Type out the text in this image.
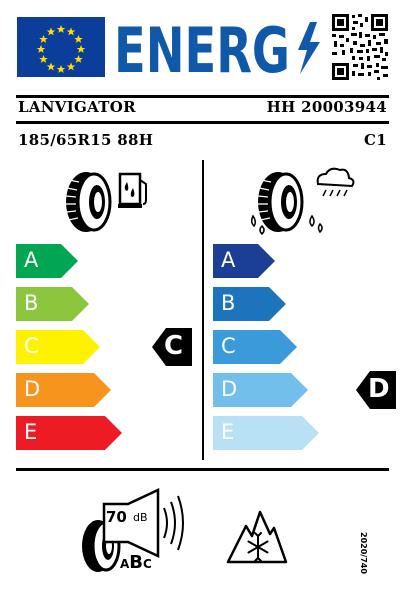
ENERG
LANVIGATOR	HH 20003944
185/65R15 88H	C1
A
B
C
D
E
C
A
B
C
D
E
D
70 dB
ABC	2020/740
